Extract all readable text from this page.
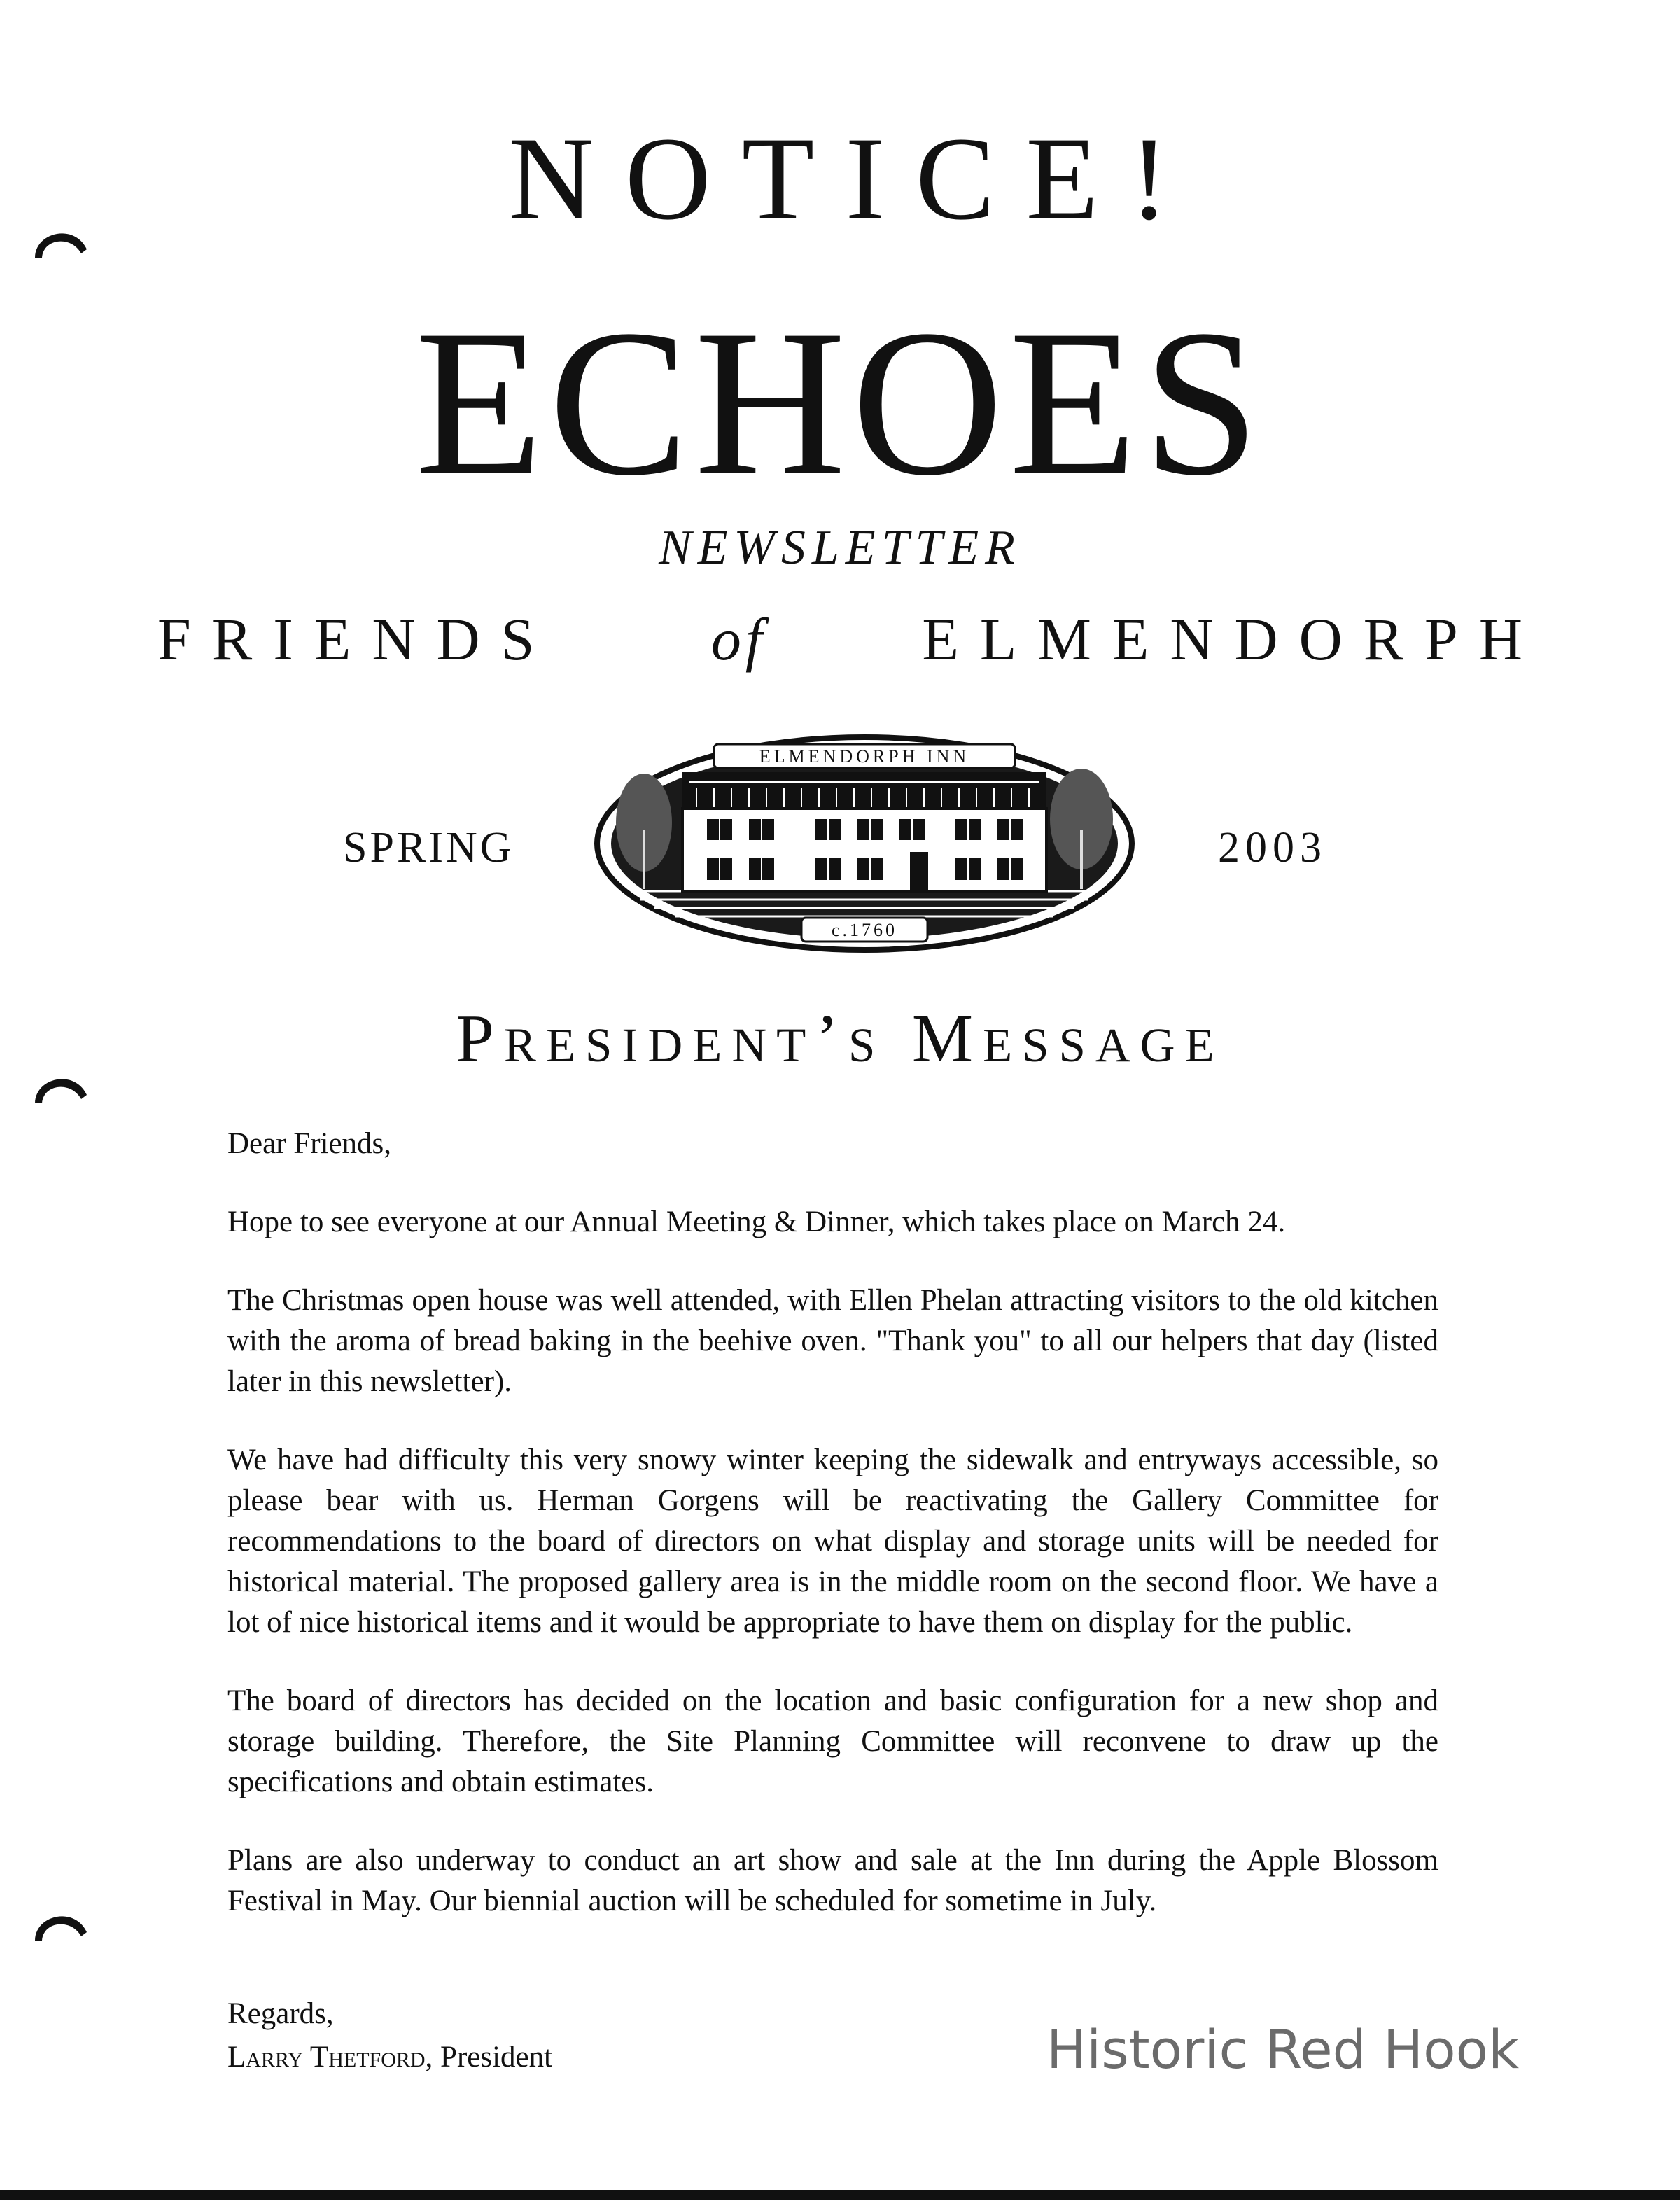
NOTICE!
ECHOES
NEWSLETTER
FRIENDS	of	ELMENDORPH
SPRING	2003
ELMENDORPH INN
c.1760
President’s Message

Dear Friends,

Hope to see everyone at our Annual Meeting & Dinner, which takes place on March 24.

The Christmas open house was well attended, with Ellen Phelan attracting visitors to the old kitchen with the aroma of bread baking in the beehive oven. "Thank you" to all our helpers that day (listed later in this newsletter).

We have had difficulty this very snowy winter keeping the sidewalk and entryways accessible, so please bear with us. Herman Gorgens will be reactivating the Gallery Committee for recommendations to the board of directors on what display and storage units will be needed for historical material. The proposed gallery area is in the middle room on the second floor. We have a lot of nice historical items and it would be appropriate to have them on display for the public.

The board of directors has decided on the location and basic configuration for a new shop and storage building. Therefore, the Site Planning Committee will reconvene to draw up the specifications and obtain estimates.

Plans are also underway to conduct an art show and sale at the Inn during the Apple Blossom Festival in May. Our biennial auction will be scheduled for sometime in July.

Regards,
Larry Thetford, President	Historic Red Hook
